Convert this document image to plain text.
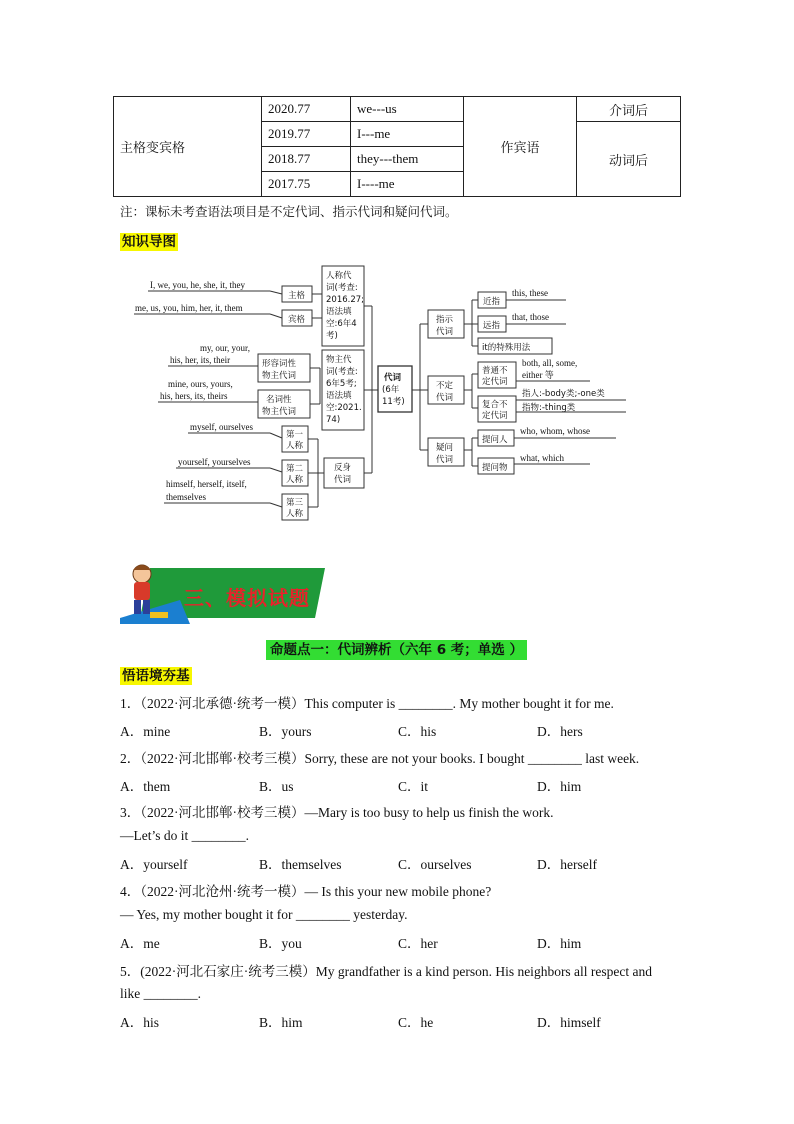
主格变宾格	2020.77	we---us	作宾语	介词后
	2019.77	I---me		动词后
	2018.77	they---them		
	2017.75	I----me		
注：课标未考查语法项目是不定代词、指示代词和疑问代词。
知识导图
I, we, you, he, she, it, they
主格
me, us, you, him, her, it, them
宾格
人称代
词(考查:
2016.27;
语法填
空:6年4
考)
my, our, your,
his, her, its, their	形容词性
物主代词
mine, ours, yours,
his, hers, its, theirs	名词性
物主代词
物主代
词(考查:
6年5考;
语法填
空:2021.
74)
myself, ourselves
第一
人称
yourself, yourselves
第二
人称
himself, herself, itself,
themselves
第三
人称
反身
代词
代词
(6年
11考)
指示
代词
近指
this, these
远指
that, those
it的特殊用法
不定
代词
普通不
定代词
both, all, some,
either 等
复合不
定代词
指人:-body类;-one类
指物:-thing类
疑问
代词
提问人
who, whom, whose
提问物
what, which
三、模拟试题
命题点一：代词辨析（六年 6 考；单选 ）
悟语境夯基
1．（2022·河北承德·统考一模）This computer is ________. My mother bought it for me.
A．mine	B．yours	C．his	D．hers
2．（2022·河北邯郸·校考三模）Sorry, these are not your books. I bought ________ last week.
A．them	B．us	C．it	D．him
3．（2022·河北邯郸·校考三模）—Mary is too busy to help us finish the work.
—Let’s do it ________.
A．yourself	B．themselves	C．ourselves	D．herself
4．（2022·河北沧州·统考一模）— Is this your new mobile phone?
— Yes, my mother bought it for ________ yesterday.
A．me	B．you	C．her	D．him
5．(2022·河北石家庄·统考三模）My grandfather is a kind person. His neighbors all respect and
like ________.
A．his	B．him	C．he	D．himself
